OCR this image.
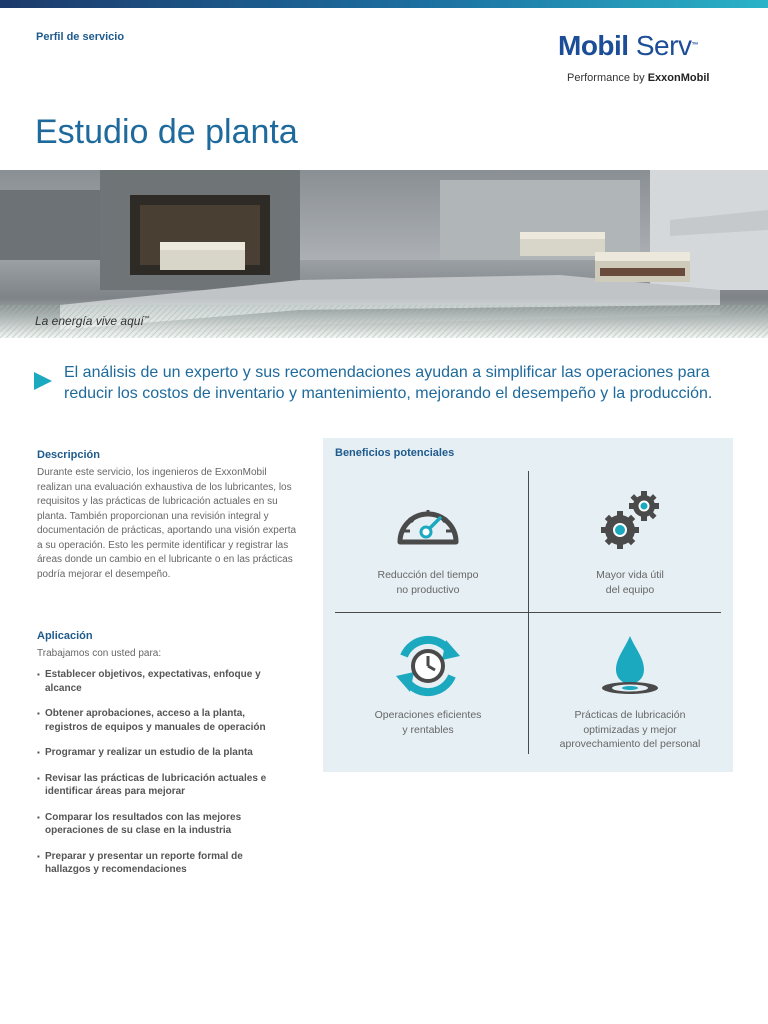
Perfil de servicio	Mobil Serv™
Performance by ExxonMobil
Estudio de planta
La energía vive aquí™
El análisis de un experto y sus recomendaciones ayudan a simplificar las operaciones para reducir los costos de inventario y mantenimiento, mejorando el desempeño y la producción.
Descripción
Durante este servicio, los ingenieros de ExxonMobil realizan una evaluación exhaustiva de los lubricantes, los requisitos y las prácticas de lubricación actuales en su planta. También proporcionan una revisión integral y documentación de prácticas, aportando una visión experta a su operación. Esto les permite identificar y registrar las áreas donde un cambio en el lubricante o en las prácticas podría mejorar el desempeño.
Aplicación
Trabajamos con usted para:
▪ Establecer objetivos, expectativas, enfoque y alcance
▪ Obtener aprobaciones, acceso a la planta, registros de equipos y manuales de operación
▪ Programar y realizar un estudio de la planta
▪ Revisar las prácticas de lubricación actuales e identificar áreas para mejorar
▪ Comparar los resultados con las mejores operaciones de su clase en la industria
▪ Preparar y presentar un reporte formal de hallazgos y recomendaciones
Beneficios potenciales
Reducción del tiempo
no productivo
Mayor vida útil
del equipo
Operaciones eficientes
y rentables
Prácticas de lubricación
optimizadas y mejor
aprovechamiento del personal
